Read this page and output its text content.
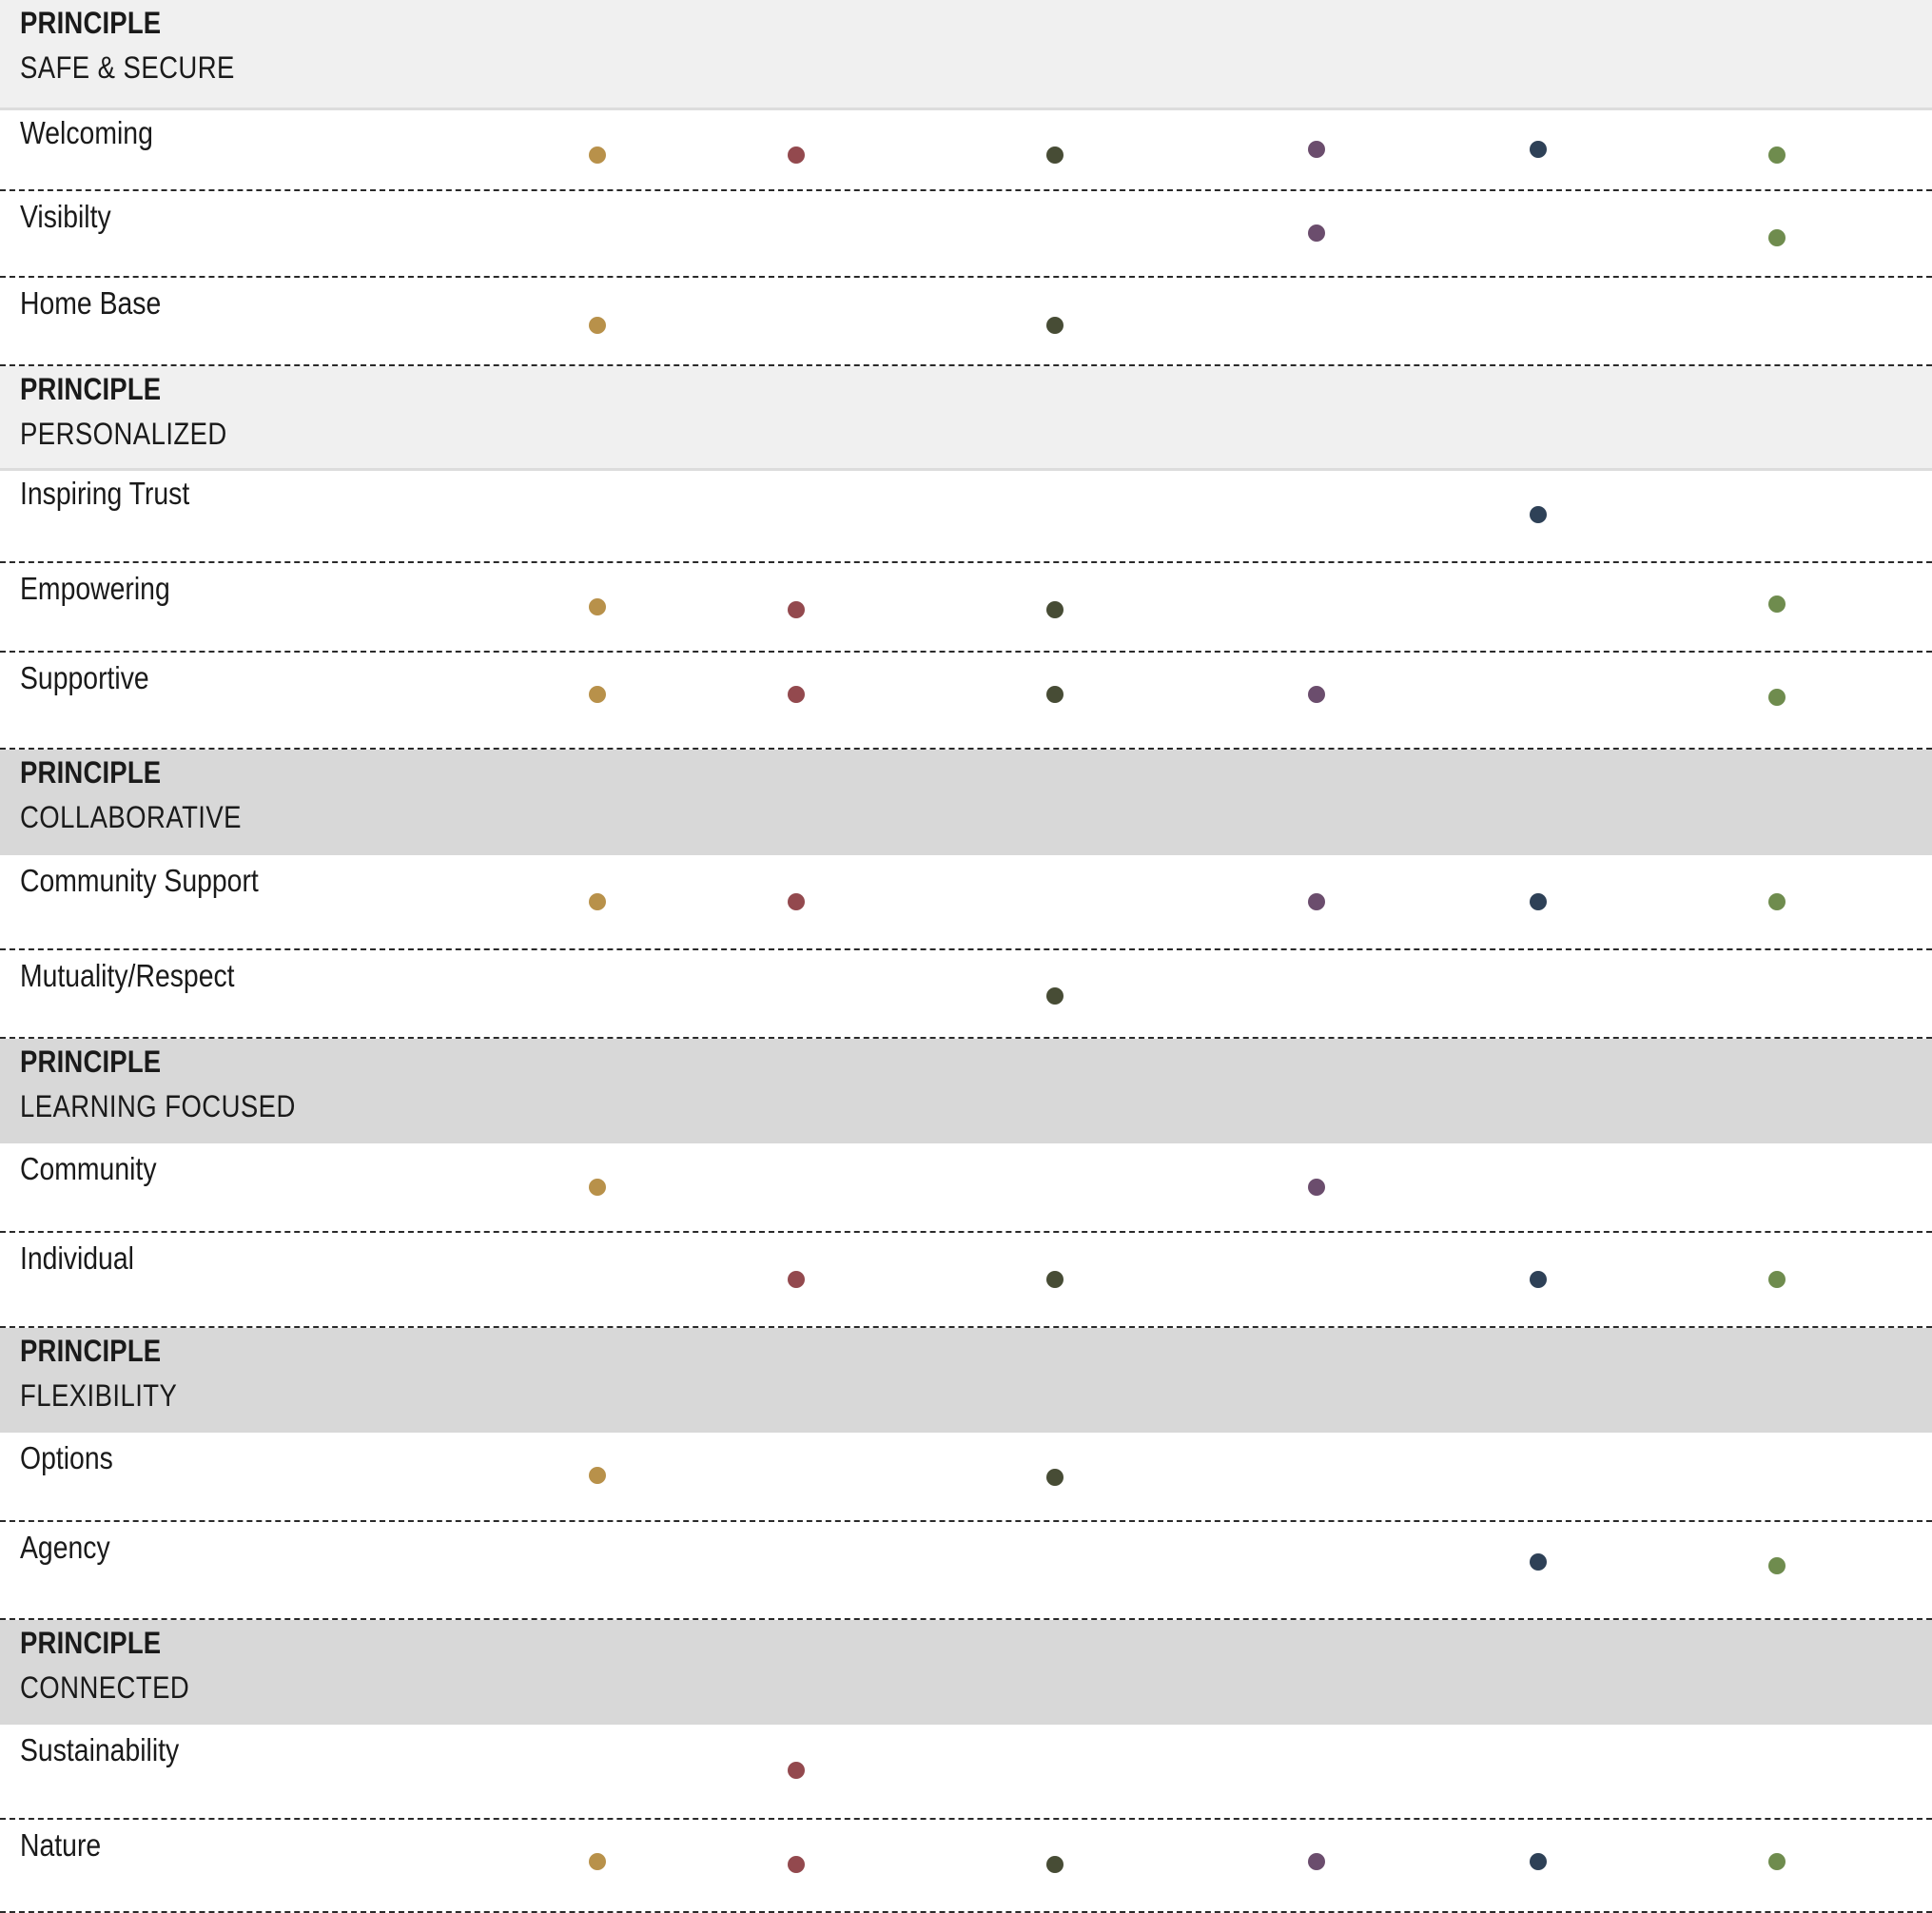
PRINCIPLE
SAFE & SECURE
Welcoming
Visibilty
Home Base
PRINCIPLE
PERSONALIZED
Inspiring Trust
Empowering
Supportive
PRINCIPLE
COLLABORATIVE
Community Support
Mutuality/Respect
PRINCIPLE
LEARNING FOCUSED
Community
Individual
PRINCIPLE
FLEXIBILITY
Options
Agency
PRINCIPLE
CONNECTED
Sustainability
Nature
